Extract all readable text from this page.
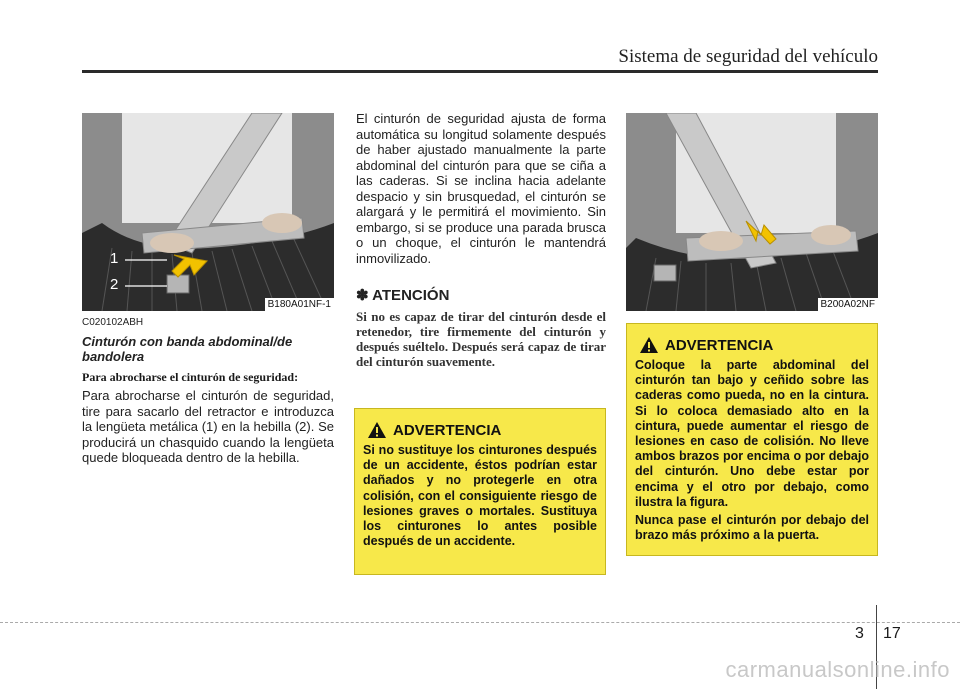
Sistema de seguridad del vehículo
1
2
B180A01NF-1	B200A02NF
C020102ABH
Cinturón con banda abdominal/de bandolera
Para abrocharse el cinturón de seguridad:
Para abrocharse el cinturón de seguridad, tire para sacarlo del retractor e introduzca la lengüeta metálica (1) en la hebilla (2). Se producirá un chasquido cuando la lengüeta quede bloqueada dentro de la hebilla.
El cinturón de seguridad ajusta de forma automática su longitud solamente después de haber ajustado manualmente la parte abdominal del cinturón para que se ciña a las caderas. Si se inclina hacia adelante despacio y sin brusquedad, el cinturón se alargará y le permitirá el movimiento. Sin embargo, si se produce una parada brusca o un choque, el cinturón le mantendrá inmovilizado.
✽ ATENCIÓN
Si no es capaz de tirar del cinturón desde el retenedor, tire firmemente del cinturón y después suéltelo. Después será capaz de tirar del cinturón suavemente.
ADVERTENCIA

Si no sustituye los cinturones después de un accidente, éstos podrían estar dañados y no protegerle en otra colisión, con el consiguiente riesgo de lesiones graves o mortales. Sustituya los cinturones lo antes posible después de un accidente.

ADVERTENCIA

Coloque la parte abdominal del cinturón tan bajo y ceñido sobre las caderas como pueda, no en la cintura. Si lo coloca demasiado alto en la cintura, puede aumentar el riesgo de lesiones en caso de colisión. No lleve ambos brazos por encima o por debajo del cinturón. Uno debe estar por encima y el otro por debajo, como ilustra la figura.

Nunca pase el cinturón por debajo del brazo más próximo a la puerta.

3 17
carmanualsonline.info
